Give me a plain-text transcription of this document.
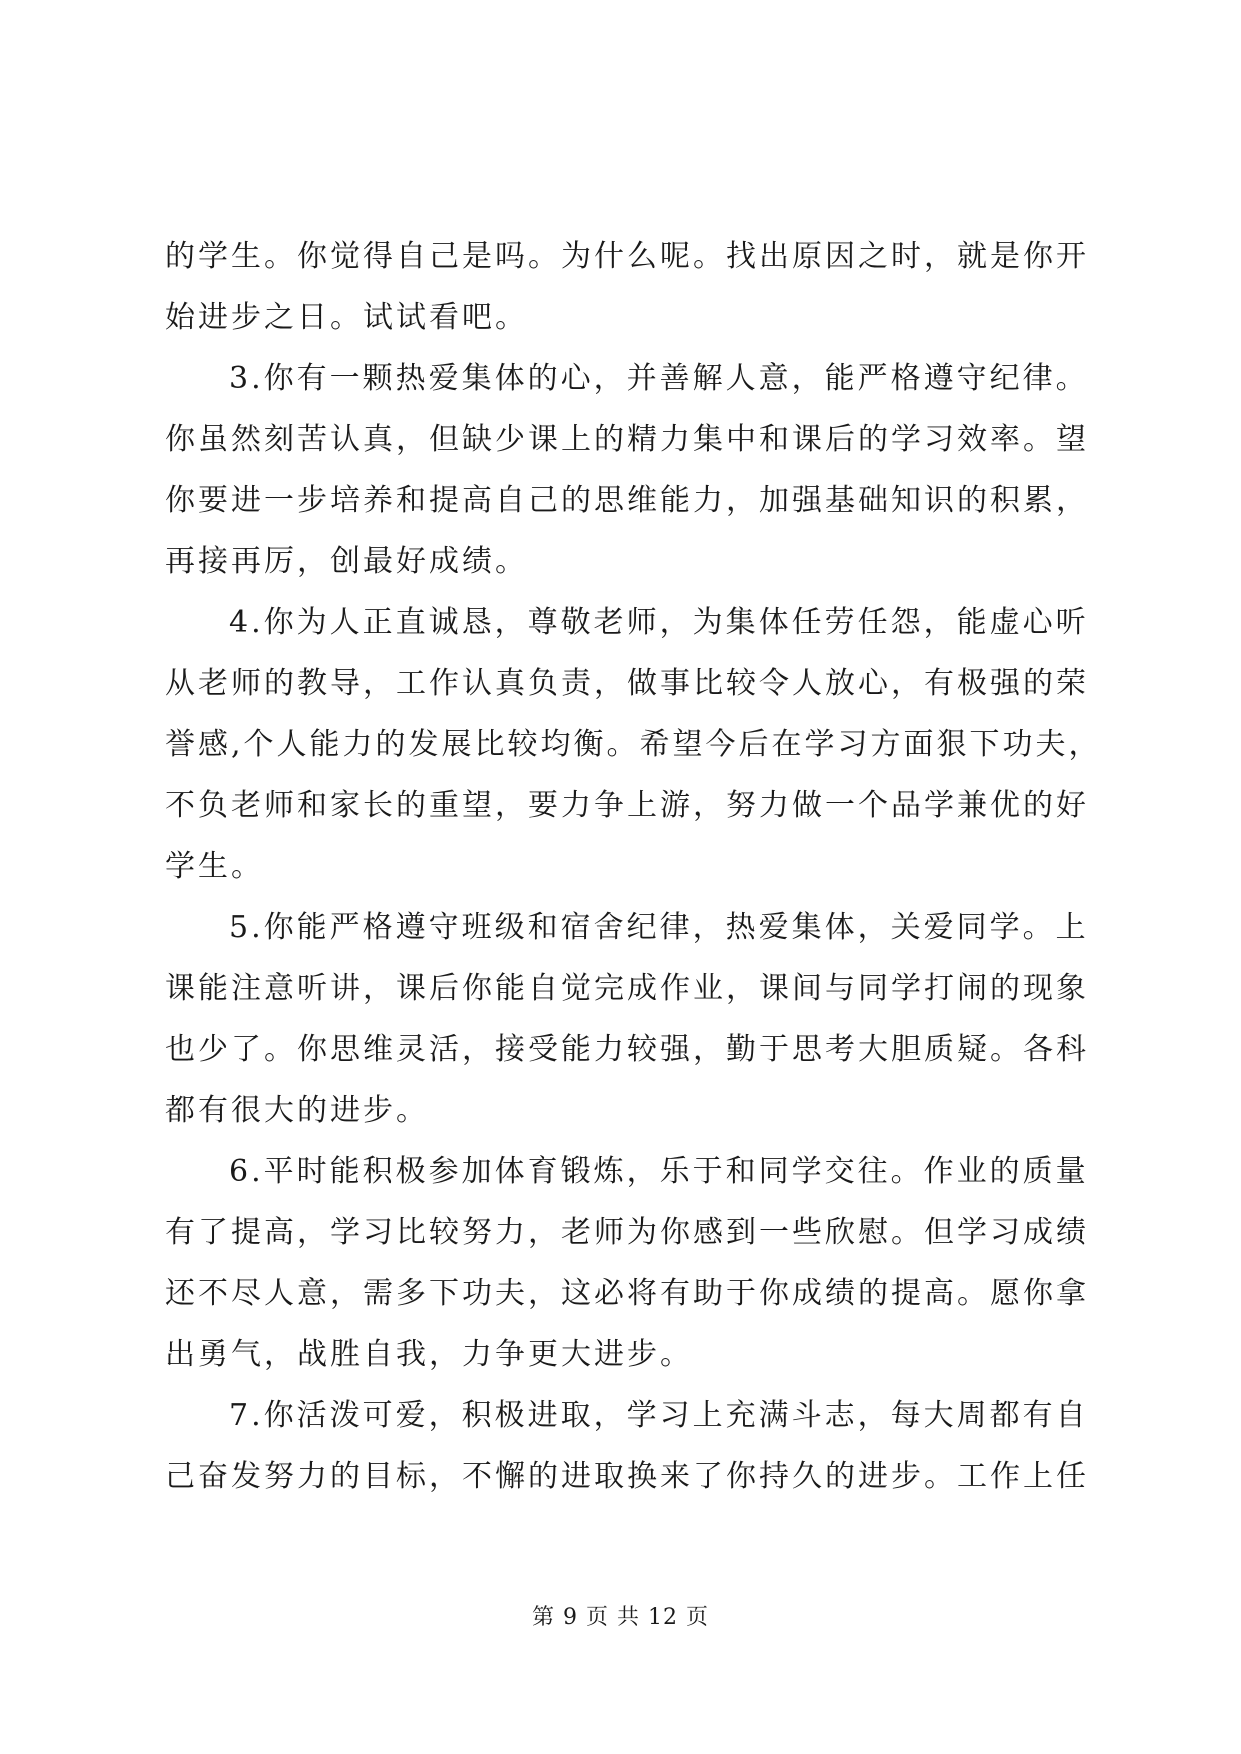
的学生。你觉得自己是吗。为什么呢。找出原因之时，就是你开
始进步之日。试试看吧。
3.你有一颗热爱集体的心，并善解人意，能严格遵守纪律。
你虽然刻苦认真，但缺少课上的精力集中和课后的学习效率。望
你要进一步培养和提高自己的思维能力，加强基础知识的积累，
再接再厉，创最好成绩。
4.你为人正直诚恳，尊敬老师，为集体任劳任怨，能虚心听
从老师的教导，工作认真负责，做事比较令人放心，有极强的荣
誉感,个人能力的发展比较均衡。希望今后在学习方面狠下功夫，
不负老师和家长的重望，要力争上游，努力做一个品学兼优的好
学生。
5.你能严格遵守班级和宿舍纪律，热爱集体，关爱同学。上
课能注意听讲，课后你能自觉完成作业，课间与同学打闹的现象
也少了。你思维灵活，接受能力较强，勤于思考大胆质疑。各科
都有很大的进步。
6.平时能积极参加体育锻炼，乐于和同学交往。作业的质量
有了提高，学习比较努力，老师为你感到一些欣慰。但学习成绩
还不尽人意，需多下功夫，这必将有助于你成绩的提高。愿你拿
出勇气，战胜自我，力争更大进步。
7.你活泼可爱，积极进取，学习上充满斗志，每大周都有自
己奋发努力的目标，不懈的进取换来了你持久的进步。工作上任
第 9 页 共 12 页
